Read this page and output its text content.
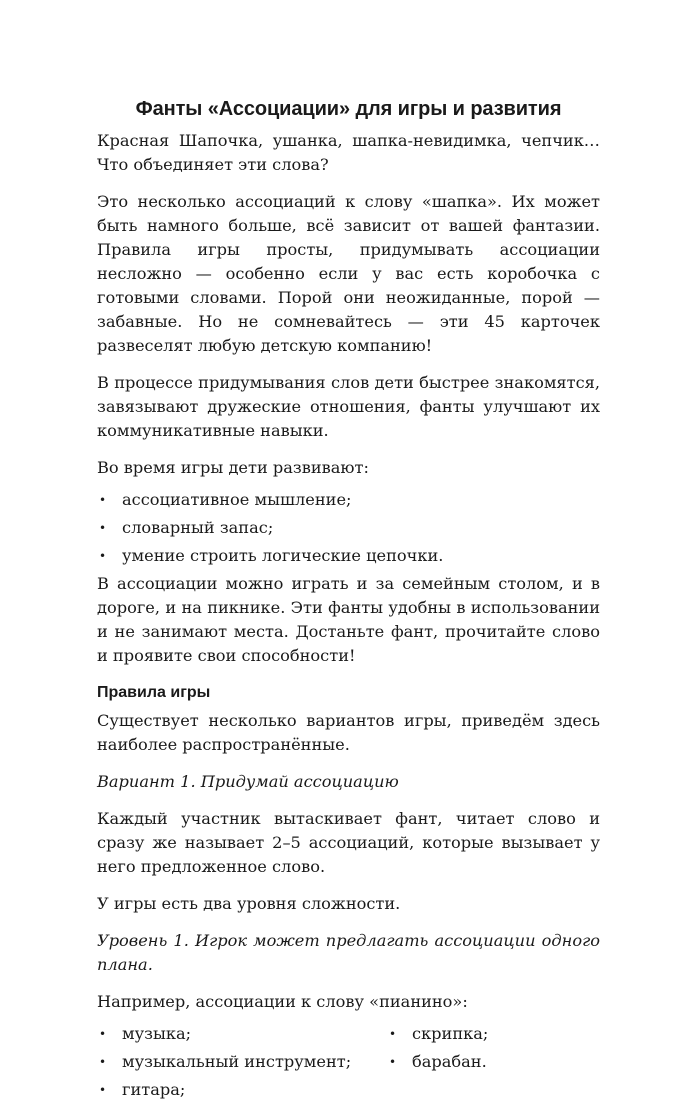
Фанты «Ассоциации» для игры и развития

Красная Шапочка, ушанка, шапка-невидимка, чепчик… Что объединяет эти слова?

Это несколько ассоциаций к слову «шапка». Их может быть намного больше, всё зависит от вашей фантазии. Правила игры просты, придумывать ассоциации несложно — особенно если у вас есть коробочка с готовыми словами. Порой они неожиданные, порой — забавные. Но не сомневайтесь — эти 45 карточек развеселят любую детскую компанию!

В процессе придумывания слов дети быстрее знакомятся, завязывают дружеские отношения, фанты улучшают их коммуникативные навыки.

Во время игры дети развивают:

• ассоциативное мышление;
• словарный запас;
• умение строить логические цепочки.

В ассоциации можно играть и за семейным столом, и в дороге, и на пикнике. Эти фанты удобны в использовании и не занимают места. Достаньте фант, прочитайте слово и проявите свои способности!

Правила игры

Существует несколько вариантов игры, приведём здесь наиболее распространённые.

Вариант 1. Придумай ассоциацию

Каждый участник вытаскивает фант, читает слово и сразу же называет 2–5 ассоциаций, которые вызывает у него предложенное слово.

У игры есть два уровня сложности.

Уровень 1. Игрок может предлагать ассоциации одного плана.

Например, ассоциации к слову «пианино»:

• музыка;
• музыкальный инструмент;
• гитара;
• скрипка;
• барабан.
